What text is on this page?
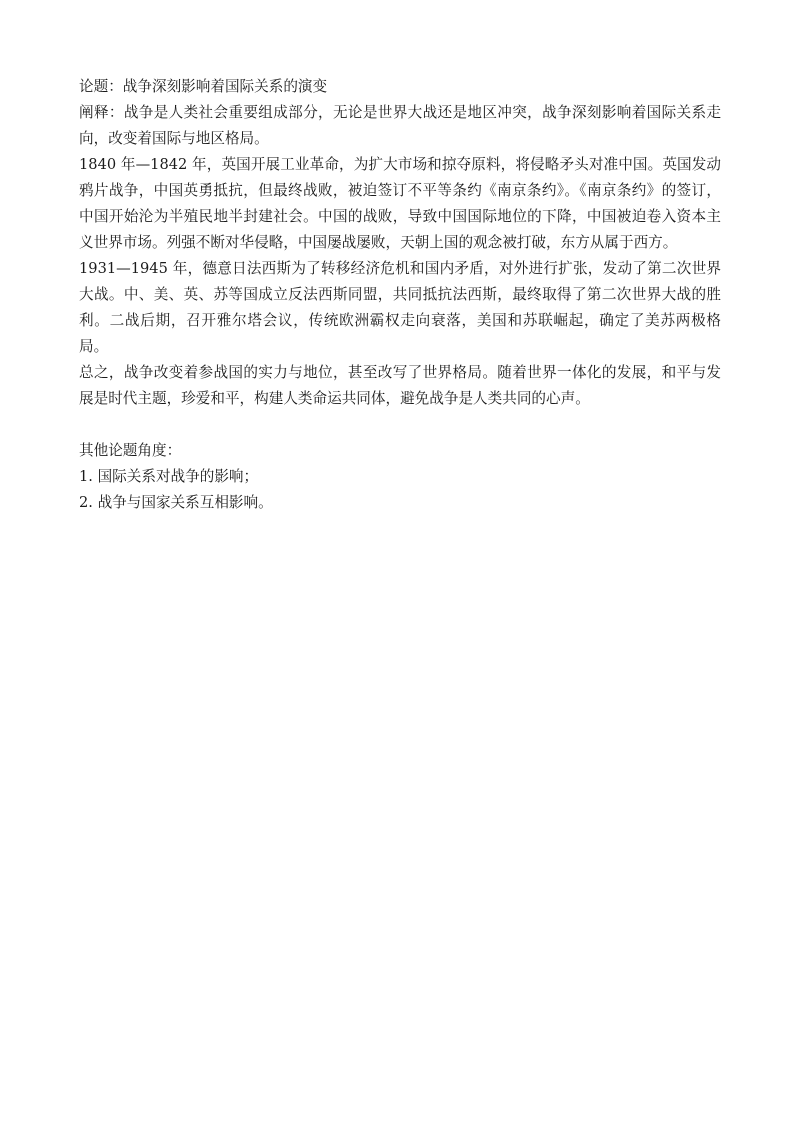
论题：战争深刻影响着国际关系的演变

阐释：战争是人类社会重要组成部分，无论是世界大战还是地区冲突，战争深刻影响着国际关系走向，改变着国际与地区格局。

1840 年—1842 年，英国开展工业革命，为扩大市场和掠夺原料，将侵略矛头对准中国。英国发动鸦片战争，中国英勇抵抗，但最终战败，被迫签订不平等条约《南京条约》。《南京条约》的签订，中国开始沦为半殖民地半封建社会。中国的战败，导致中国国际地位的下降，中国被迫卷入资本主义世界市场。列强不断对华侵略，中国屡战屡败，天朝上国的观念被打破，东方从属于西方。

1931—1945 年，德意日法西斯为了转移经济危机和国内矛盾，对外进行扩张，发动了第二次世界大战。中、美、英、苏等国成立反法西斯同盟，共同抵抗法西斯，最终取得了第二次世界大战的胜利。二战后期，召开雅尔塔会议，传统欧洲霸权走向衰落，美国和苏联崛起，确定了美苏两极格局。

总之，战争改变着参战国的实力与地位，甚至改写了世界格局。随着世界一体化的发展，和平与发展是时代主题，珍爱和平，构建人类命运共同体，避免战争是人类共同的心声。

其他论题角度：

1. 国际关系对战争的影响；

2. 战争与国家关系互相影响。
